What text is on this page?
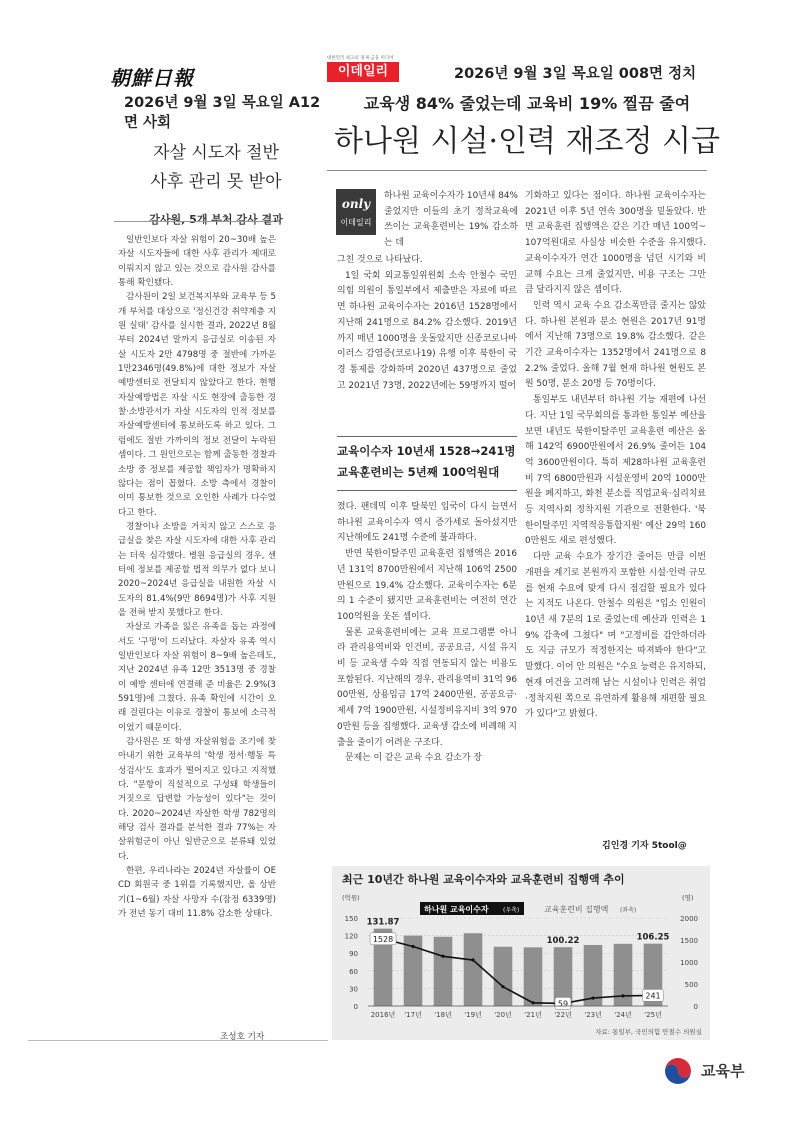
朝鮮日報
2026년 9월 3일 목요일 A12면 사회
자살 시도자 절반
사후 관리 못 받아
감사원, 5개 부처 감사 결과

일반인보다 자살 위험이 20~30배 높은 자살 시도자들에 대한 사후 관리가 제대로 이뤄지지 않고 있는 것으로 감사원 감사를 통해 확인됐다.

감사원이 2일 보건복지부와 교육부 등 5개 부처를 대상으로 '정신건강 취약계층 지원 실태' 감사를 실시한 결과, 2022년 8월부터 2024년 말까지 응급실로 이송된 자살 시도자 2만 4798명 중 절반에 가까운 1만2346명(49.8%)에 대한 정보가 자살예방센터로 전달되지 않았다고 한다. 현행 자살예방법은 자살 시도 현장에 출동한 경찰·소방관서가 자살 시도자의 인적 정보를 자살예방센터에 통보하도록 하고 있다. 그럼에도 절반 가까이의 정보 전달이 누락된 셈이다. 그 원인으로는 함께 출동한 경찰과 소방 중 정보를 제공할 책임자가 명확하지 않다는 점이 꼽혔다. 소방 측에서 경찰이 이미 통보한 것으로 오인한 사례가 다수였다고 한다.

경찰이나 소방을 거치지 않고 스스로 응급실을 찾은 자살 시도자에 대한 사후 관리는 더욱 심각했다. 병원 응급실의 경우, 센터에 정보를 제공할 법적 의무가 없다 보니 2020~2024년 응급실을 내원한 자살 시도자의 81.4%(9만 8694명)가 사후 지원을 전혀 받지 못했다고 한다.

자살로 가족을 잃은 유족을 돕는 과정에서도 '구멍'이 드러났다. 자살자 유족 역시 일반인보다 자살 위험이 8~9배 높은데도, 지난 2024년 유족 12만 3513명 중 경찰이 예방 센터에 연결해 준 비율은 2.9%(3591명)에 그쳤다. 유족 확인에 시간이 오래 걸린다는 이유로 경찰이 통보에 소극적이었기 때문이다.

감사원은 또 학생 자살위험을 조기에 찾아내기 위한 교육부의 '학생 정서·행동 특성검사'도 효과가 떨어지고 있다고 지적했다. "문항이 직설적으로 구성돼 학생들이 거짓으로 답변할 가능성이 있다"는 것이다. 2020~2024년 자살한 학생 782명의 해당 검사 결과를 분석한 결과 77%는 자살위험군이 아닌 일반군으로 분류돼 있었다.

한편, 우리나라는 2024년 자살률이 OECD 회원국 중 1위를 기록했지만, 올 상반기(1~6월) 자살 사망자 수(잠정 6339명)가 전년 동기 대비 11.8% 감소한 상태다.

조성호 기자
대한민국 최고의 경제·금융 미디어
이데일리	2026년 9월 3일 목요일 008면 정치
교육생 84% 줄었는데 교육비 19% 찔끔 줄여
하나원 시설·인력 재조정 시급
only
이데일리

하나원 교육이수자가 10년새 84% 줄었지만 이들의 초기 정착교육에 쓰이는 교육훈련비는 19% 감소하는 데

그친 것으로 나타났다.

1일 국회 외교통일위원회 소속 안철수 국민의힘 의원이 통일부에서 제출받은 자료에 따르면 하나원 교육이수자는 2016년 1528명에서 지난해 241명으로 84.2% 감소했다. 2019년까지 매년 1000명을 웃돌았지만 신종코로나바이러스 감염증(코로나19) 유행 이후 북한이 국경 통제를 강화하며 2020년 437명으로 줄었고 2021년 73명, 2022년에는 59명까지 떨어

교육이수자 10년새 1528→241명
교육훈련비는 5년째 100억원대

졌다. 팬데믹 이후 탈북민 입국이 다시 늘면서 하나원 교육이수자 역시 증가세로 돌아섰지만 지난해에도 241명 수준에 불과하다.

반면 북한이탈주민 교육훈련 집행액은 2016년 131억 8700만원에서 지난해 106억 2500만원으로 19.4% 감소했다. 교육이수자는 6분의 1 수준이 됐지만 교육훈련비는 여전히 연간 100억원을 웃돈 셈이다.

물론 교육훈련비에는 교육 프로그램뿐 아니라 관리용역비와 인건비, 공공요금, 시설 유지비 등 교육생 수와 직접 연동되지 않는 비용도 포함된다. 지난해의 경우, 관리용역비 31억 9600만원, 상용임금 17억 2400만원, 공공요금·제세 7억 1900만원, 시설정비유지비 3억 9700만원 등을 집행했다. 교육생 감소에 비례해 지출을 줄이기 어려운 구조다.

문제는 이 같은 교육 수요 감소가 장

기화하고 있다는 점이다. 하나원 교육이수자는 2021년 이후 5년 연속 300명을 밑돌았다. 반면 교육훈련 집행액은 같은 기간 매년 100억~107억원대로 사실상 비슷한 수준을 유지했다. 교육이수자가 연간 1000명을 넘던 시기와 비교해 수요는 크게 줄었지만, 비용 구조는 그만큼 달라지지 않은 셈이다.

인력 역시 교육 수요 감소폭만큼 줄지는 않았다. 하나원 본원과 분소 현원은 2017년 91명에서 지난해 73명으로 19.8% 감소했다. 같은 기간 교육이수자는 1352명에서 241명으로 82.2% 줄었다. 올해 7월 현재 하나원 현원도 본원 50명, 분소 20명 등 70명이다.

통일부도 내년부터 하나원 기능 재편에 나선다. 지난 1일 국무회의를 통과한 통일부 예산을 보면 내년도 북한이탈주민 교육훈련 예산은 올해 142억 6900만원에서 26.9% 줄어든 104억 3600만원이다. 특히 제28하나원 교육훈련비 7억 6800만원과 시설운영비 20억 1000만원을 폐지하고, 화천 분소를 직업교육·심리치료 등 지역사회 정착지원 기관으로 전환한다. '북한이탈주민 지역적응통합지원' 예산 29억 1600만원도 새로 편성했다.

다만 교육 수요가 장기간 줄어든 만큼 이번 개편을 계기로 본원까지 포함한 시설·인력 규모를 현재 수요에 맞게 다시 점검할 필요가 있다는 지적도 나온다. 안철수 의원은 "입소 인원이 10년 새 7분의 1로 줄었는데 예산과 인력은 19% 감축에 그쳤다" 며 "고정비를 감안하더라도 지금 규모가 적정한지는 따져봐야 한다"고 말했다. 이어 안 의원은 "수요 능력은 유지하되, 현재 여건을 고려해 남는 시설이나 인력은 취업·정착지원 쪽으로 유연하게 활용해 재편할 필요가 있다"고 밝혔다.

김인경 기자 5tool@
최근 10년간 하나원 교육이수자와 교육훈련비 집행액 추이
(억원)	(명)
0
30
60
90
120
150
0
500
1000
1500
2000
131.87
100.22	106.25
1528
59
241
하나원 교육이수자 (우축)	교육훈련비 집행액 (좌축)
2016년 '17년 '18년 '19년 '20년 '21년 '22년 '23년 '24년 '25년
자료: 통일부, 국민의힘 안철수 의원실
교육부
